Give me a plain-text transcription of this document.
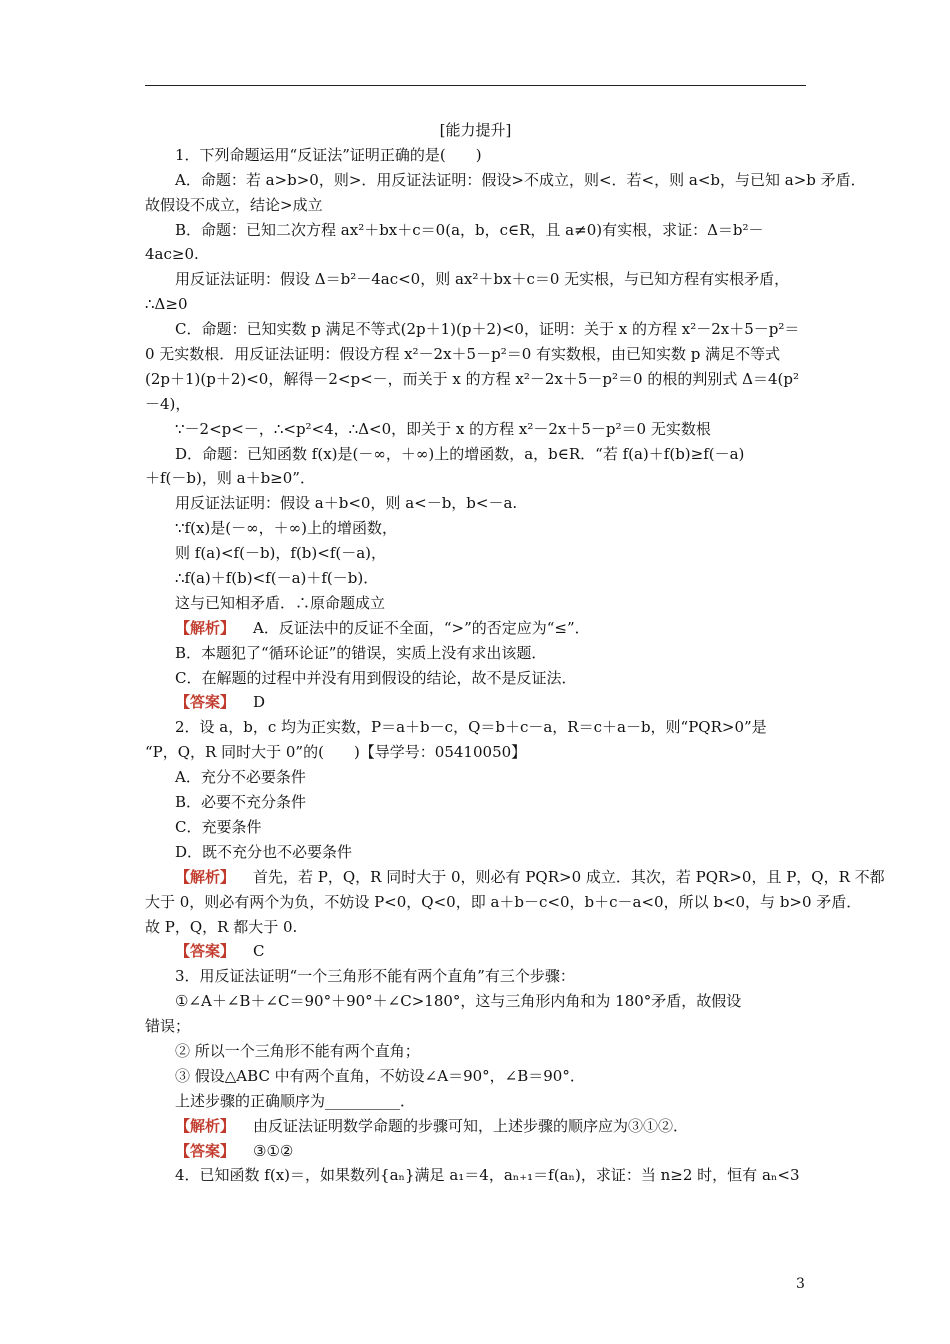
[能力提升]
1．下列命题运用“反证法”证明正确的是(　　)
A．命题：若 a>b>0，则>．用反证法证明：假设>不成立，则<．若<，则 a<b，与已知 a>b 矛盾．
故假设不成立，结论>成立
B．命题：已知二次方程 ax²＋bx＋c＝0(a，b，c∈R，且 a≠0)有实根，求证：Δ＝b²－
4ac≥0.
用反证法证明：假设 Δ＝b²－4ac<0，则 ax²＋bx＋c＝0 无实根，与已知方程有实根矛盾，
∴Δ≥0
C．命题：已知实数 p 满足不等式(2p＋1)(p＋2)<0，证明：关于 x 的方程 x²－2x＋5－p²＝
0 无实数根．用反证法证明：假设方程 x²－2x＋5－p²＝0 有实数根，由已知实数 p 满足不等式
(2p＋1)(p＋2)<0，解得－2<p<－，而关于 x 的方程 x²－2x＋5－p²＝0 的根的判别式 Δ＝4(p²
－4)，
∵－2<p<－，∴<p²<4，∴Δ<0，即关于 x 的方程 x²－2x＋5－p²＝0 无实数根
D．命题：已知函数 f(x)是(－∞，＋∞)上的增函数，a，b∈R．“若 f(a)＋f(b)≥f(－a)
＋f(－b)，则 a＋b≥0”．
用反证法证明：假设 a＋b<0，则 a<－b，b<－a.
∵f(x)是(－∞，＋∞)上的增函数，
则 f(a)<f(－b)，f(b)<f(－a)，
∴f(a)＋f(b)<f(－a)＋f(－b)．
这与已知相矛盾．∴原命题成立
【解析】 A．反证法中的反证不全面，“>”的否定应为“≤”．
B．本题犯了“循环论证”的错误，实质上没有求出该题．
C．在解题的过程中并没有用到假设的结论，故不是反证法．
【答案】 D
2．设 a，b，c 均为正实数，P＝a＋b－c，Q＝b＋c－a，R＝c＋a－b，则“PQR>0”是
“P，Q，R 同时大于 0”的(　　)【导学号：05410050】
A．充分不必要条件
B．必要不充分条件
C．充要条件
D．既不充分也不必要条件
【解析】 首先，若 P，Q，R 同时大于 0，则必有 PQR>0 成立．其次，若 PQR>0，且 P，Q，R 不都
大于 0，则必有两个为负，不妨设 P<0，Q<0，即 a＋b－c<0，b＋c－a<0，所以 b<0，与 b>0 矛盾．
故 P，Q，R 都大于 0.
【答案】 C
3．用反证法证明“一个三角形不能有两个直角”有三个步骤：
①∠A＋∠B＋∠C＝90°＋90°＋∠C>180°，这与三角形内角和为 180°矛盾，故假设
错误；
② 所以一个三角形不能有两个直角；
③ 假设△ABC 中有两个直角，不妨设∠A＝90°，∠B＝90°．
上述步骤的正确顺序为__________．
【解析】 由反证法证明数学命题的步骤可知，上述步骤的顺序应为③①②．
【答案】 ③①②
4．已知函数 f(x)＝，如果数列{aₙ}满足 a₁＝4，aₙ₊₁＝f(aₙ)，求证：当 n≥2 时，恒有 aₙ<3
3
